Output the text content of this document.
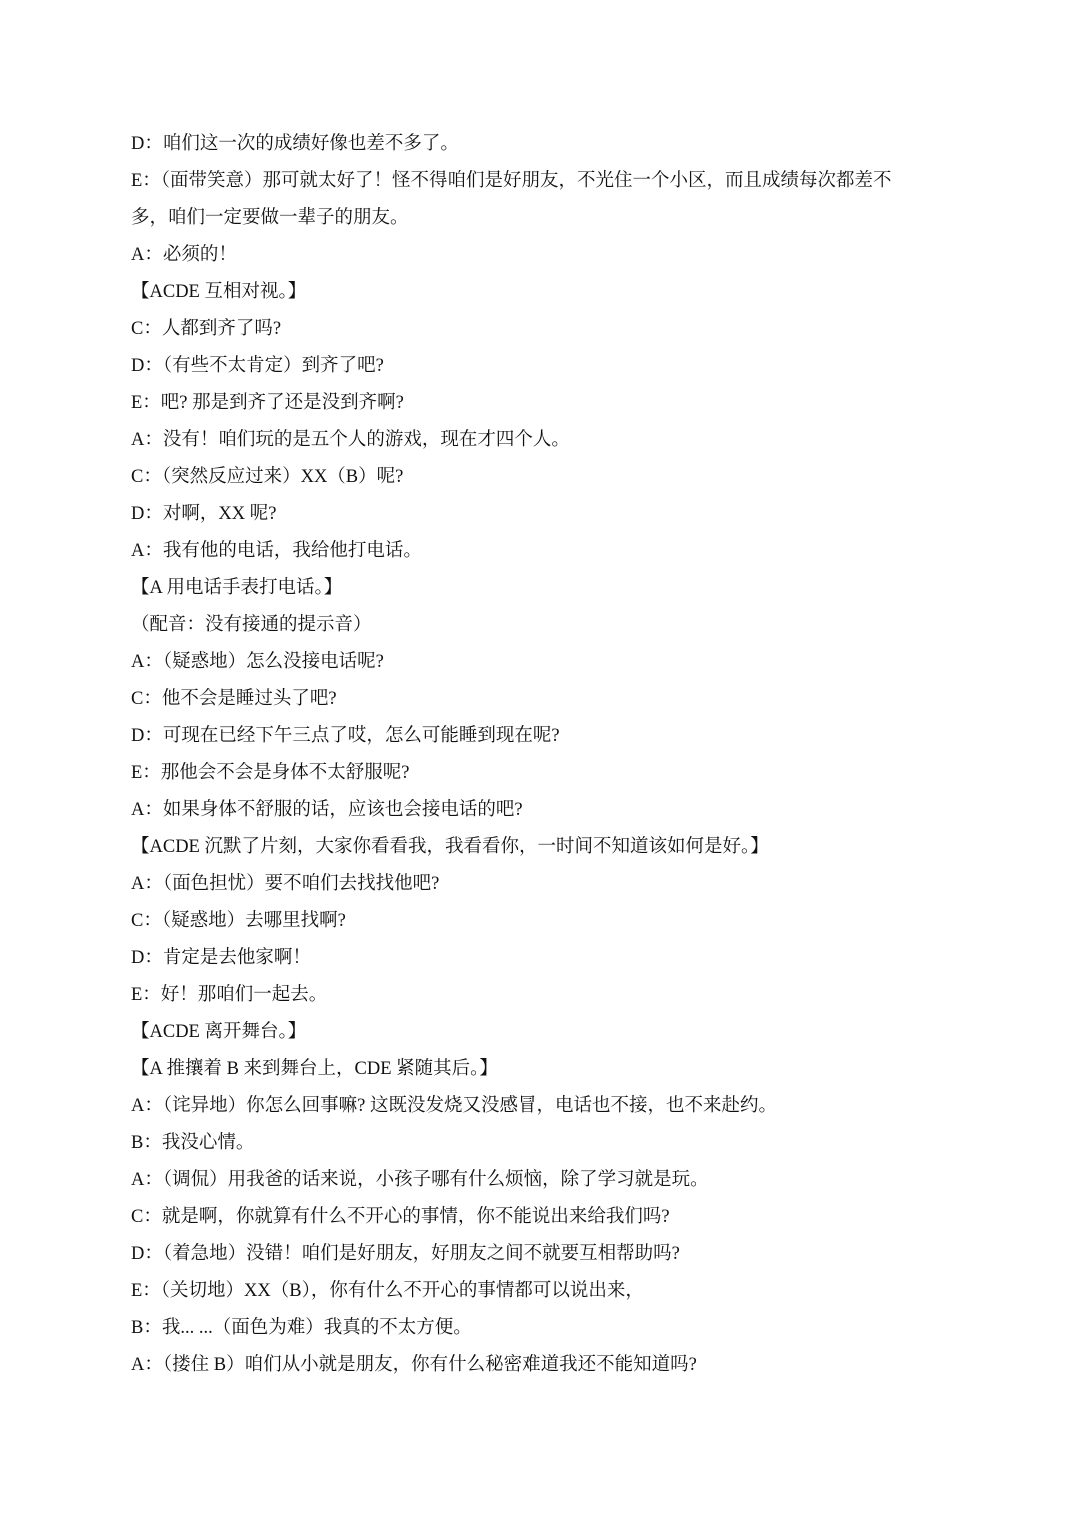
D：咱们这一次的成绩好像也差不多了。
E：（面带笑意）那可就太好了！怪不得咱们是好朋友，不光住一个小区，而且成绩每次都差不
多，咱们一定要做一辈子的朋友。
A：必须的！
【ACDE 互相对视。】
C：人都到齐了吗?
D：（有些不太肯定）到齐了吧?
E：吧? 那是到齐了还是没到齐啊?
A：没有！咱们玩的是五个人的游戏，现在才四个人。
C：（突然反应过来）XX（B）呢?
D：对啊，XX 呢?
A：我有他的电话，我给他打电话。
【A 用电话手表打电话。】
（配音：没有接通的提示音）
A：（疑惑地）怎么没接电话呢?
C：他不会是睡过头了吧?
D：可现在已经下午三点了哎，怎么可能睡到现在呢?
E：那他会不会是身体不太舒服呢?
A：如果身体不舒服的话，应该也会接电话的吧?
【ACDE 沉默了片刻，大家你看看我，我看看你，一时间不知道该如何是好。】
A：（面色担忧）要不咱们去找找他吧?
C：（疑惑地）去哪里找啊?
D：肯定是去他家啊！
E：好！那咱们一起去。
【ACDE 离开舞台。】
【A 推攘着 B 来到舞台上，CDE 紧随其后。】
A：（诧异地）你怎么回事嘛? 这既没发烧又没感冒，电话也不接，也不来赴约。
B：我没心情。
A：（调侃）用我爸的话来说，小孩子哪有什么烦恼，除了学习就是玩。
C：就是啊，你就算有什么不开心的事情，你不能说出来给我们吗?
D：（着急地）没错！咱们是好朋友，好朋友之间不就要互相帮助吗?
E：（关切地）XX（B），你有什么不开心的事情都可以说出来，
B：我... ...（面色为难）我真的不太方便。
A：（搂住 B）咱们从小就是朋友，你有什么秘密难道我还不能知道吗?
